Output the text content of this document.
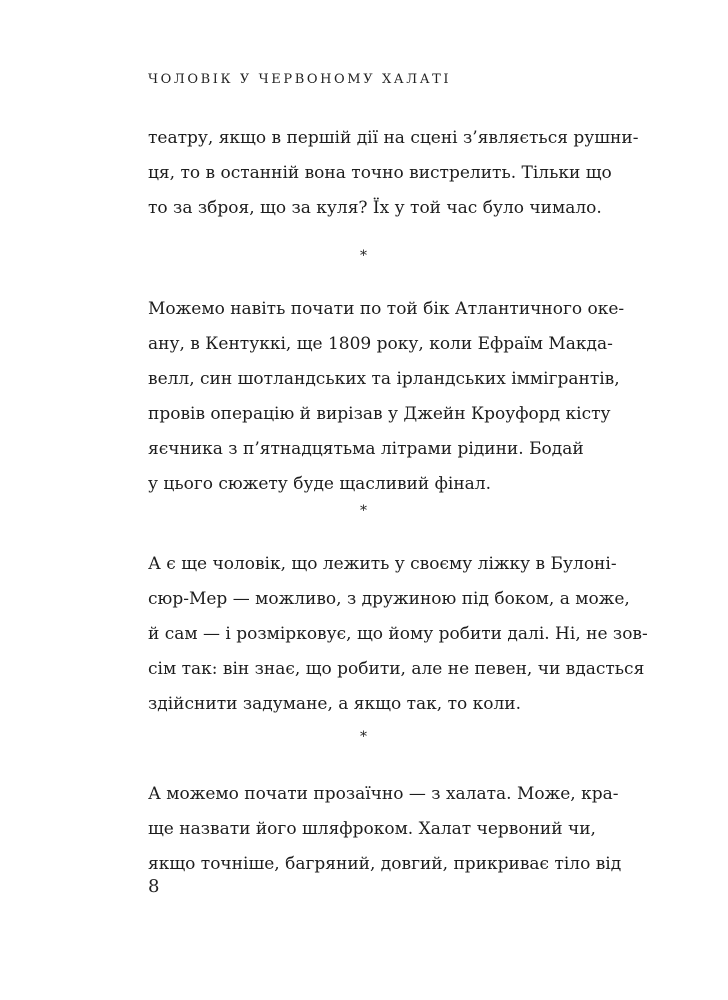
ЧОЛОВІК У ЧЕРВОНОМУ ХАЛАТІ

театру, якщо в першій дії на сцені з’являється рушни-
ця, то в останній вона точно вистрелить. Тільки що
то за зброя, що за куля? Їх у той час було чимало.

*

Можемо навіть почати по той бік Атлантичного оке-
ану, в Кентуккі, ще 1809 року, коли Ефраїм Макда-
велл, син шотландських та ірландських іммігрантів,
провів операцію й вирізав у Джейн Кроуфорд кісту
яєчника з п’ятнадцятьма літрами рідини. Бодай
у цього сюжету буде щасливий фінал.

*

А є ще чоловік, що лежить у своєму ліжку в Булоні-
сюр-Мер — можливо, з дружиною під боком, а може,
й сам — і розмірковує, що йому робити далі. Ні, не зов-
сім так: він знає, що робити, але не певен, чи вдасться
здійснити задумане, а якщо так, то коли.

*

А можемо почати прозаїчно — з халата. Може, кра-
ще назвати його шляфроком. Халат червоний чи,
якщо точніше, багряний, довгий, прикриває тіло від

8
